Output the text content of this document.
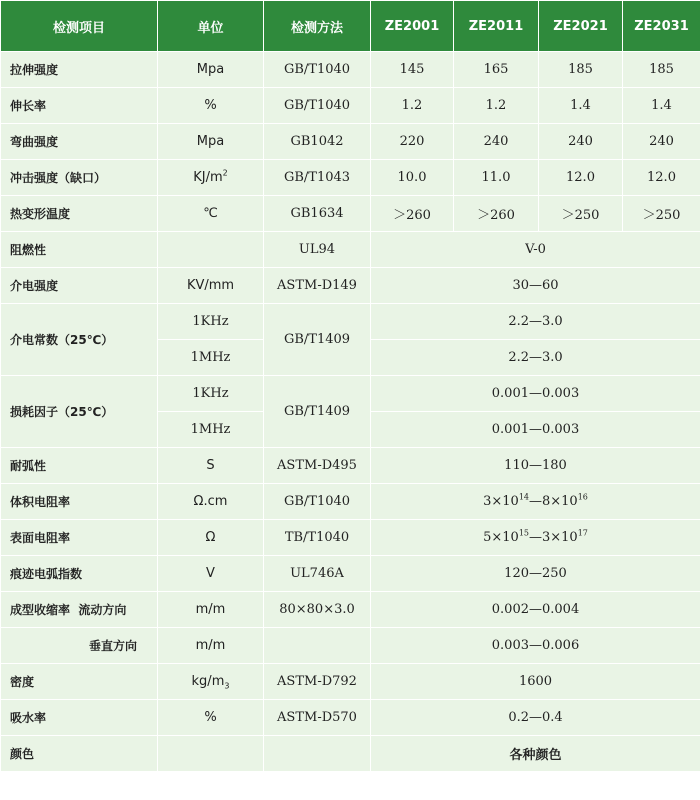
检测项目	单位	检测方法	ZE2001	ZE2011	ZE2021	ZE2031
拉伸强度	Mpa	GB/T1040	145	165	185	185
伸长率	%	GB/T1040	1.2	1.2	1.4	1.4
弯曲强度	Mpa	GB1042	220	240	240	240
冲击强度（缺口）	$KJ/m^2$	GB/T1043	10.0	11.0	12.0	12.0
热变形温度	℃	GB1634	＞260	＞260	＞250	＞250
阻燃性		UL94	V-0			
介电强度	KV/mm	ASTM-D149	30—60			
介电常数（25℃）	1KHz	GB/T1409	2.2—3.0			
	1MHz		2.2—3.0			
损耗因子（25℃）	1KHz	GB/T1409	0.001—0.003			
	1MHz		0.001—0.003			
耐弧性	S	ASTM-D495	110—180			
体积电阻率	Ω.cm	GB/T1040	$3\times 10^{14}—8\times 10^{16}$
表面电阻率	Ω	TB/T1040	$5\times 10^{15}—3\times 10^{17}$
痕迹电弧指数	V	UL746A	120—250			
成型收缩率  流动方向	m/m	80×80×3.0	0.002—0.004			
垂直方向	m/m		0.003—0.006			
密度	$kg/m_3$	ASTM-D792	1600			
吸水率	%	ASTM-D570	0.2—0.4			
颜色			各种颜色			
